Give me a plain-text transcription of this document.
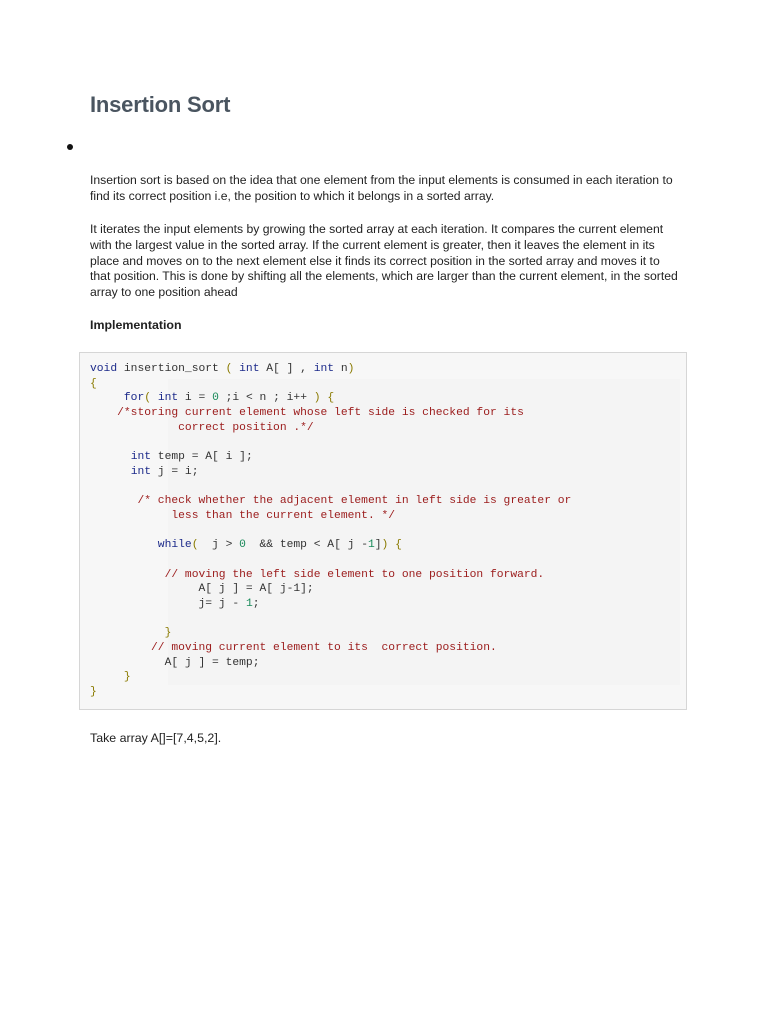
Insertion Sort

Insertion sort is based on the idea that one element from the input elements is consumed in each iteration to find its correct position i.e, the position to which it belongs in a sorted array.

It iterates the input elements by growing the sorted array at each iteration. It compares the current element with the largest value in the sorted array. If the current element is greater, then it leaves the element in its place and moves on to the next element else it finds its correct position in the sorted array and moves it to that position. This is done by shifting all the elements, which are larger than the current element, in the sorted array to one position ahead

Implementation
void insertion_sort ( int A[ ] , int n)
{
for( int i = 0 ;i < n ; i++ ) {
/*storing current element whose left side is checked for its
correct position .*/
int temp = A[ i ];
int j = i;
/* check whether the adjacent element in left side is greater or
less than the current element. */
while(  j > 0  && temp < A[ j -1]) {
// moving the left side element to one position forward.
A[ j ] = A[ j-1];
j= j - 1;
}
// moving current element to its  correct position.
A[ j ] = temp;
}
}

Take array A[]=[7,4,5,2].
